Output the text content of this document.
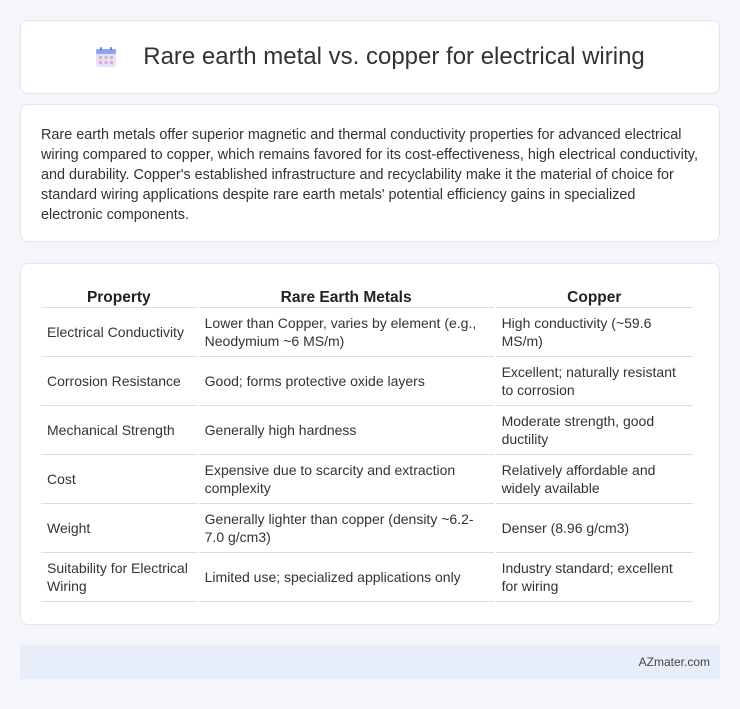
Rare earth metal vs. copper for electrical wiring

Rare earth metals offer superior magnetic and thermal conductivity properties for advanced electrical wiring compared to copper, which remains favored for its cost-effectiveness, high electrical conductivity, and durability. Copper's established infrastructure and recyclability make it the material of choice for standard wiring applications despite rare earth metals' potential efficiency gains in specialized electronic components.

Property	Rare Earth Metals	Copper
Electrical Conductivity	Lower than Copper, varies by element (e.g., Neodymium ~6 MS/m)	High conductivity (~59.6 MS/m)
Corrosion Resistance	Good; forms protective oxide layers	Excellent; naturally resistant to corrosion
Mechanical Strength	Generally high hardness	Moderate strength, good ductility
Cost	Expensive due to scarcity and extraction complexity	Relatively affordable and widely available
Weight	Generally lighter than copper (density ~6.2-7.0 g/cm3)	Denser (8.96 g/cm3)
Suitability for Electrical Wiring	Limited use; specialized applications only	Industry standard; excellent for wiring
AZmater.com
